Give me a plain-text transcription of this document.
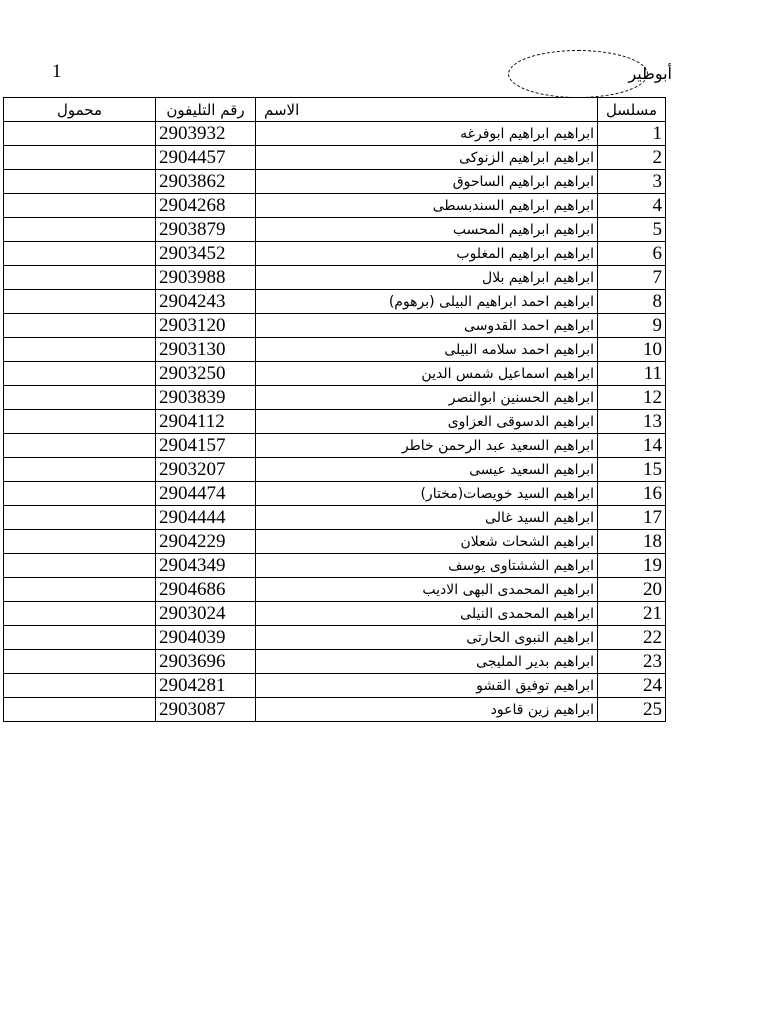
1	أبوطير
محمول	رقم التليفون	الاسم	مسلسل
	2903932	ابراهيم ابراهيم ابوفرغه	1
	2904457	ابراهيم ابراهيم الزنوكى	2
	2903862	ابراهيم ابراهيم الساحوق	3
	2904268	ابراهيم ابراهيم السندبسطى	4
	2903879	ابراهيم ابراهيم المحسب	5
	2903452	ابراهيم ابراهيم المغلوب	6
	2903988	ابراهيم ابراهيم بلال	7
	2904243	ابراهيم احمد ابراهيم البيلى (برهوم)	8
	2903120	ابراهيم احمد القدوسى	9
	2903130	ابراهيم احمد سلامه البيلى	10
	2903250	ابراهيم اسماعيل شمس الدين	11
	2903839	ابراهيم الحسنين ابوالنصر	12
	2904112	ابراهيم الدسوقى العزاوى	13
	2904157	ابراهيم السعيد عبد الرحمن خاطر	14
	2903207	ابراهيم السعيد عيسى	15
	2904474	ابراهيم السيد خويصات(مختار)	16
	2904444	ابراهيم السيد غالى	17
	2904229	ابراهيم الشحات شعلان	18
	2904349	ابراهيم الششتاوى يوسف	19
	2904686	ابراهيم المحمدى البهى الاديب	20
	2903024	ابراهيم المحمدى النيلى	21
	2904039	ابراهيم النبوى الحارتى	22
	2903696	ابراهيم بدير المليجى	23
	2904281	ابراهيم توفيق القشو	24
	2903087	ابراهيم زين قاعود	25
